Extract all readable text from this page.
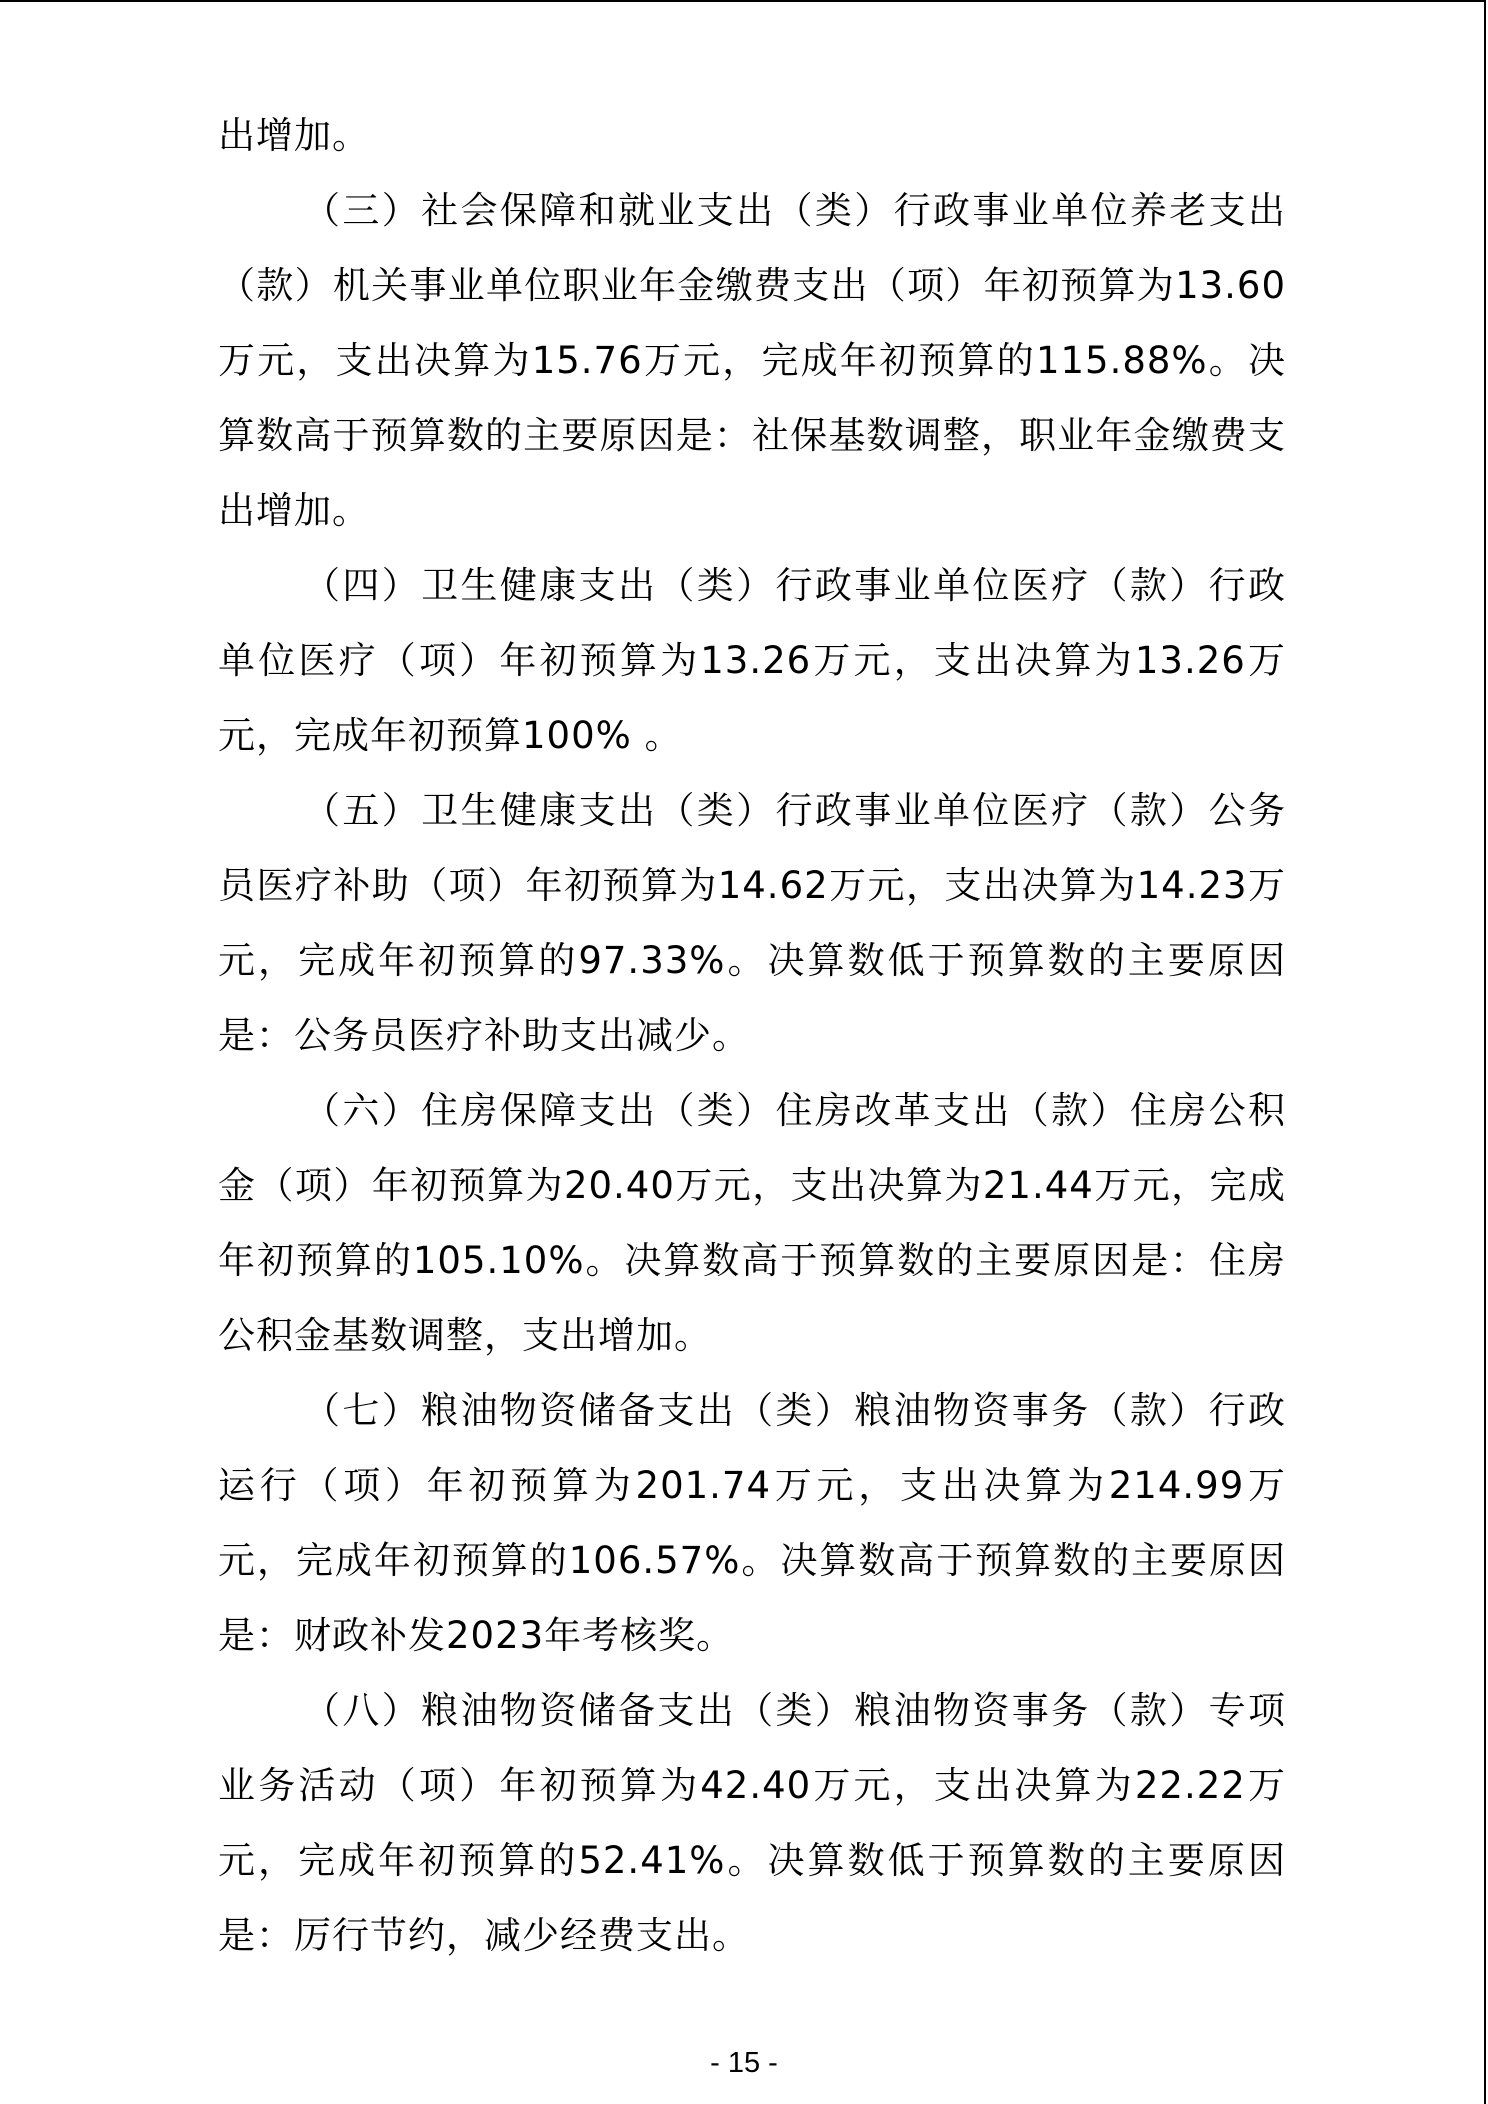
出增加。

（三）社会保障和就业支出（类）行政事业单位养老支出（款）机关事业单位职业年金缴费支出（项）年初预算为13.60万元，支出决算为15.76万元，完成年初预算的115.88%。决算数高于预算数的主要原因是：社保基数调整，职业年金缴费支出增加。

（四）卫生健康支出（类）行政事业单位医疗（款）行政单位医疗（项）年初预算为13.26万元，支出决算为13.26万元，完成年初预算100% 。

（五）卫生健康支出（类）行政事业单位医疗（款）公务员医疗补助（项）年初预算为14.62万元，支出决算为14.23万元，完成年初预算的97.33%。决算数低于预算数的主要原因是：公务员医疗补助支出减少。

（六）住房保障支出（类）住房改革支出（款）住房公积金（项）年初预算为20.40万元，支出决算为21.44万元，完成年初预算的105.10%。决算数高于预算数的主要原因是：住房公积金基数调整，支出增加。

（七）粮油物资储备支出（类）粮油物资事务（款）行政运行（项）年初预算为201.74万元，支出决算为214.99万元，完成年初预算的106.57%。决算数高于预算数的主要原因是：财政补发2023年考核奖。

（八）粮油物资储备支出（类）粮油物资事务（款）专项业务活动（项）年初预算为42.40万元，支出决算为22.22万元，完成年初预算的52.41%。决算数低于预算数的主要原因是：厉行节约，减少经费支出。

- 15 -
